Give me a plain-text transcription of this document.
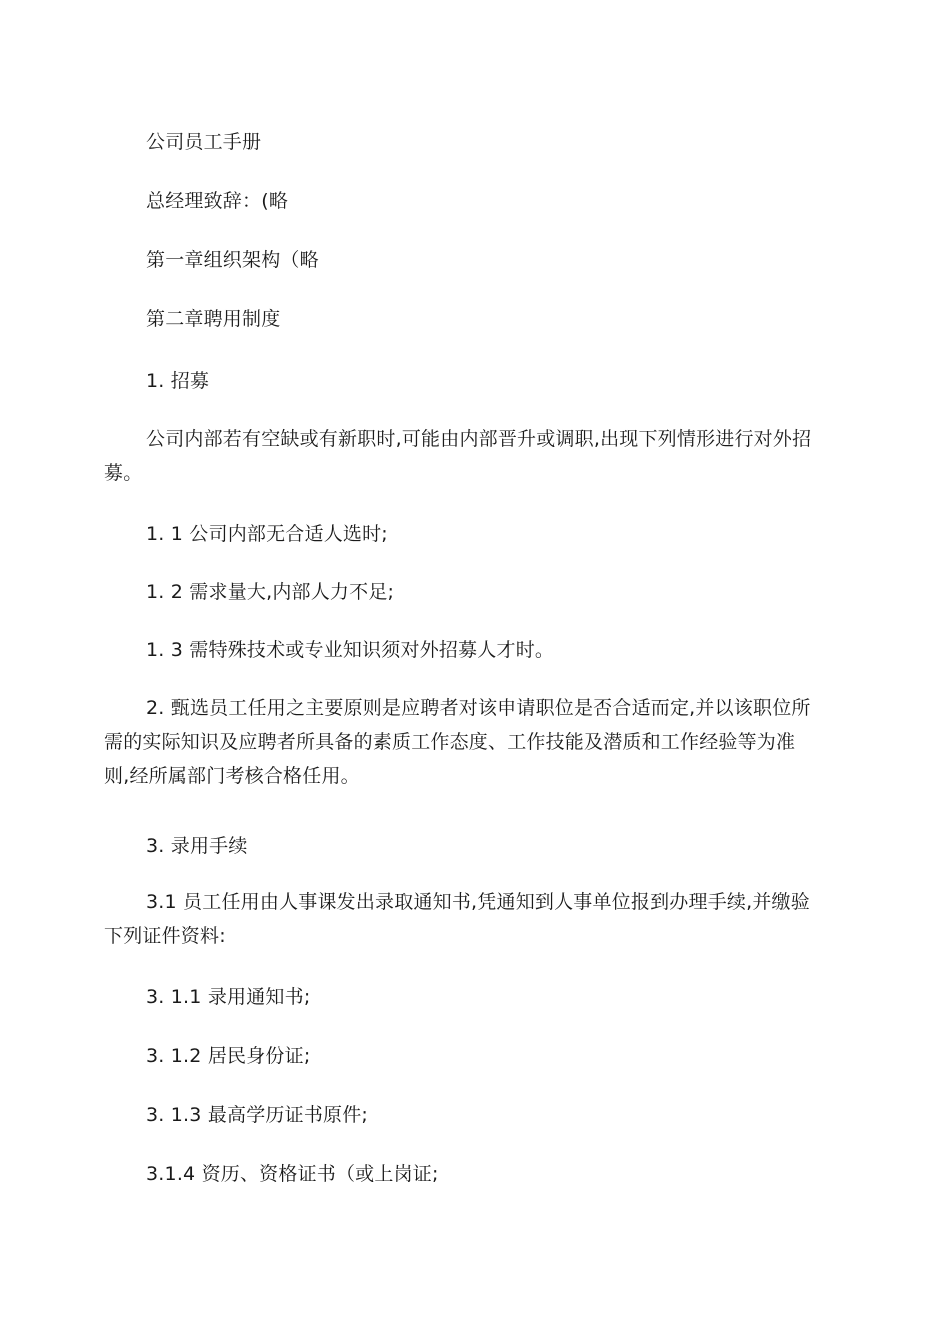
公司员工手册
总经理致辞：(略
第一章组织架构（略
第二章聘用制度
1. 招募
公司内部若有空缺或有新职时,可能由内部晋升或调职,出现下列情形进行对外招
募。
1. 1 公司内部无合适人选时;
1. 2 需求量大,内部人力不足;
1. 3 需特殊技术或专业知识须对外招募人才时。
2. 甄选员工任用之主要原则是应聘者对该申请职位是否合适而定,并以该职位所
需的实际知识及应聘者所具备的素质工作态度、工作技能及潜质和工作经验等为准
则,经所属部门考核合格任用。
3. 录用手续
3.1 员工任用由人事课发出录取通知书,凭通知到人事单位报到办理手续,并缴验
下列证件资料:
3. 1.1 录用通知书;
3. 1.2 居民身份证;
3. 1.3 最高学历证书原件;
3.1.4 资历、资格证书（或上岗证;
